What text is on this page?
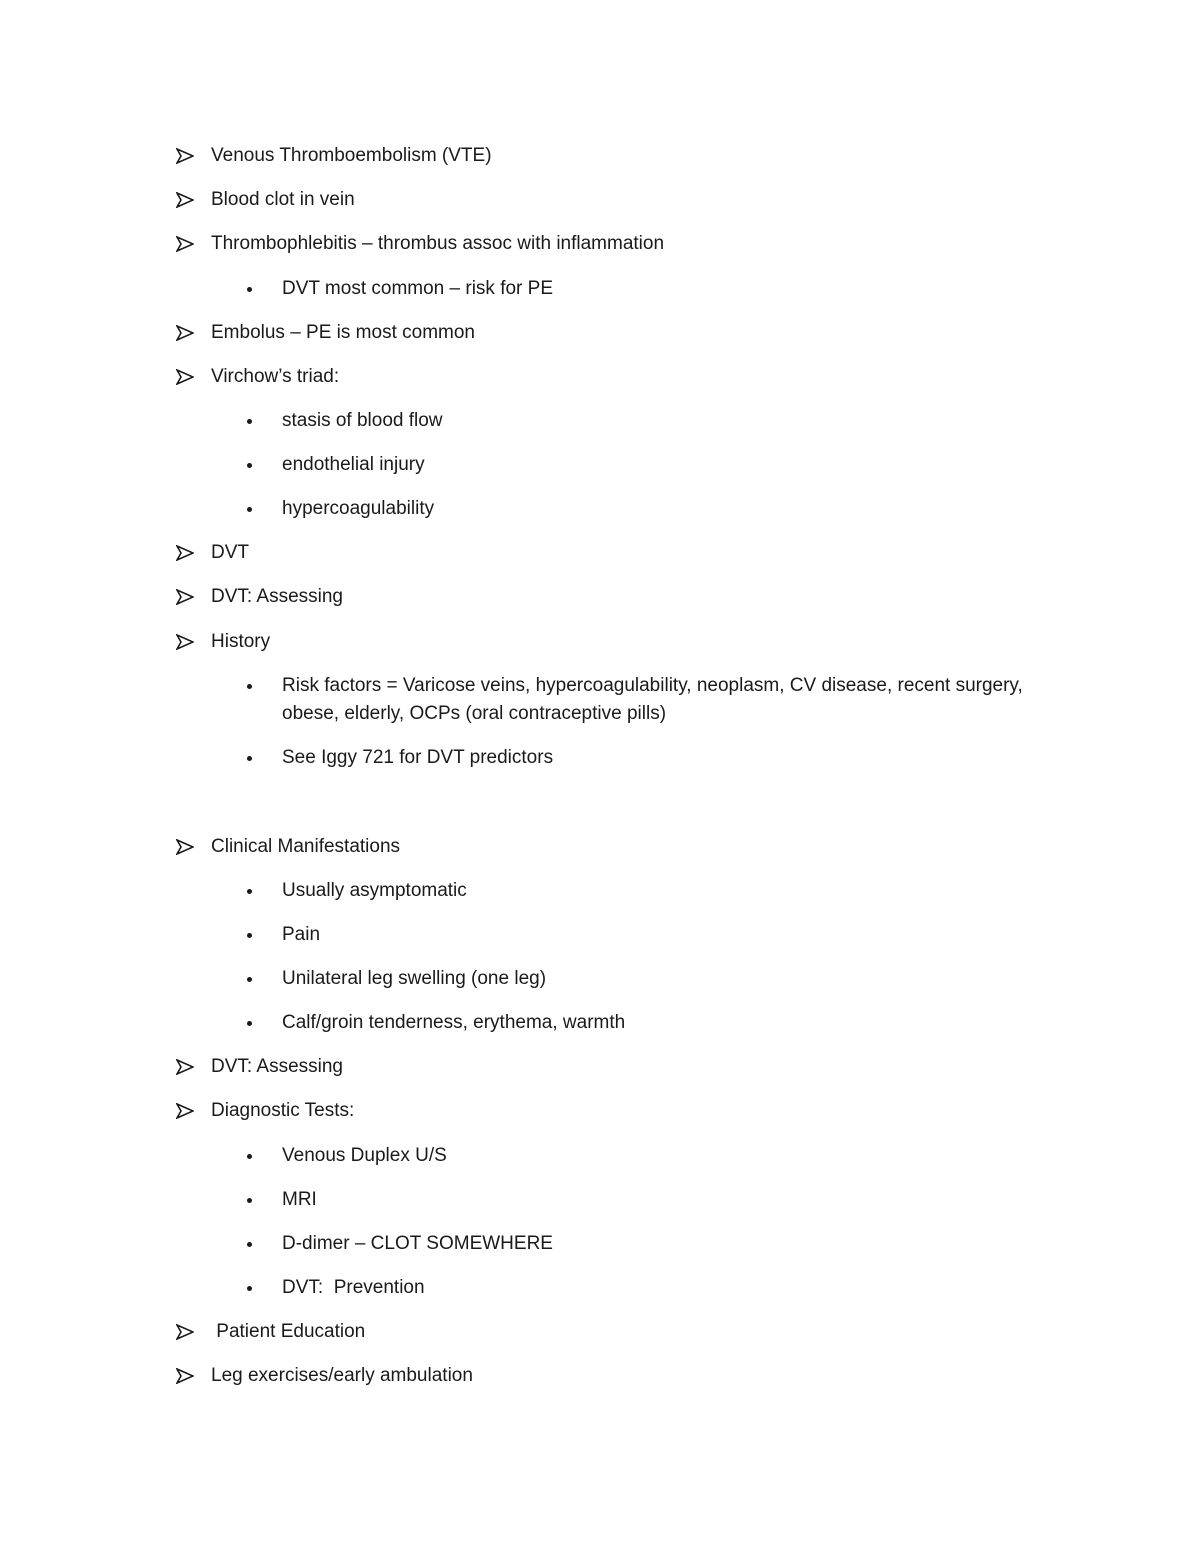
Venous Thromboembolism (VTE)
Blood clot in vein
Thrombophlebitis – thrombus assoc with inflammation
DVT most common – risk for PE
Embolus – PE is most common
Virchow’s triad:
stasis of blood flow
endothelial injury
hypercoagulability
DVT
DVT: Assessing
History
Risk factors = Varicose veins, hypercoagulability, neoplasm, CV disease, recent surgery, obese, elderly, OCPs (oral contraceptive pills)
See Iggy 721 for DVT predictors
Clinical Manifestations
Usually asymptomatic
Pain
Unilateral leg swelling (one leg)
Calf/groin tenderness, erythema, warmth
DVT: Assessing
Diagnostic Tests:
Venous Duplex U/S
MRI
D-dimer – CLOT SOMEWHERE
DVT:  Prevention
Patient Education
Leg exercises/early ambulation
